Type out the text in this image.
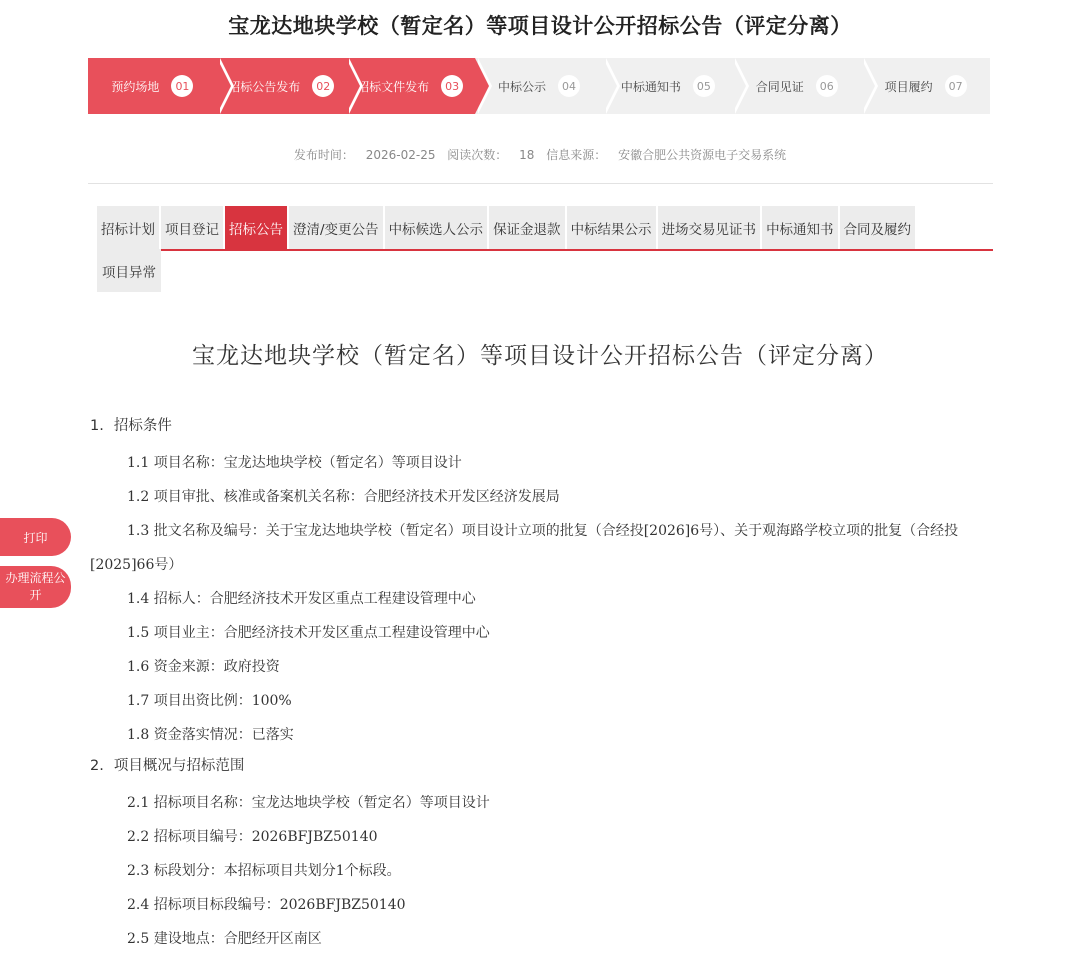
宝龙达地块学校（暂定名）等项目设计公开招标公告（评定分离）
预约场地	01	招标公告发布	02	招标文件发布	03	中标公示	04	中标通知书	05	合同见证	06	项目履约	07
发布时间： 2026-02-25 阅读次数： 18 信息来源： 安徽合肥公共资源电子交易系统
招标计划 项目登记 招标公告 澄清/变更公告 中标候选人公示 保证金退款 中标结果公示 进场交易见证书 中标通知书 合同及履约
项目异常
宝龙达地块学校（暂定名）等项目设计公开招标公告（评定分离）
1. 招标条件
1.1 项目名称：宝龙达地块学校（暂定名）等项目设计
1.2 项目审批、核准或备案机关名称：合肥经济技术开发区经济发展局
1.3 批文名称及编号：关于宝龙达地块学校（暂定名）项目设计立项的批复（合经投[2026]6号）、关于观海路学校立项的批复（合经投[2025]66号）
1.4 招标人：合肥经济技术开发区重点工程建设管理中心
1.5 项目业主：合肥经济技术开发区重点工程建设管理中心
1.6 资金来源：政府投资
1.7 项目出资比例：100%
1.8 资金落实情况：已落实
2. 项目概况与招标范围
2.1 招标项目名称：宝龙达地块学校（暂定名）等项目设计
2.2 招标项目编号：2026BFJBZ50140
2.3 标段划分：本招标项目共划分1个标段。
2.4 招标项目标段编号：2026BFJBZ50140
2.5 建设地点：合肥经开区南区
打印
办理流程公开
